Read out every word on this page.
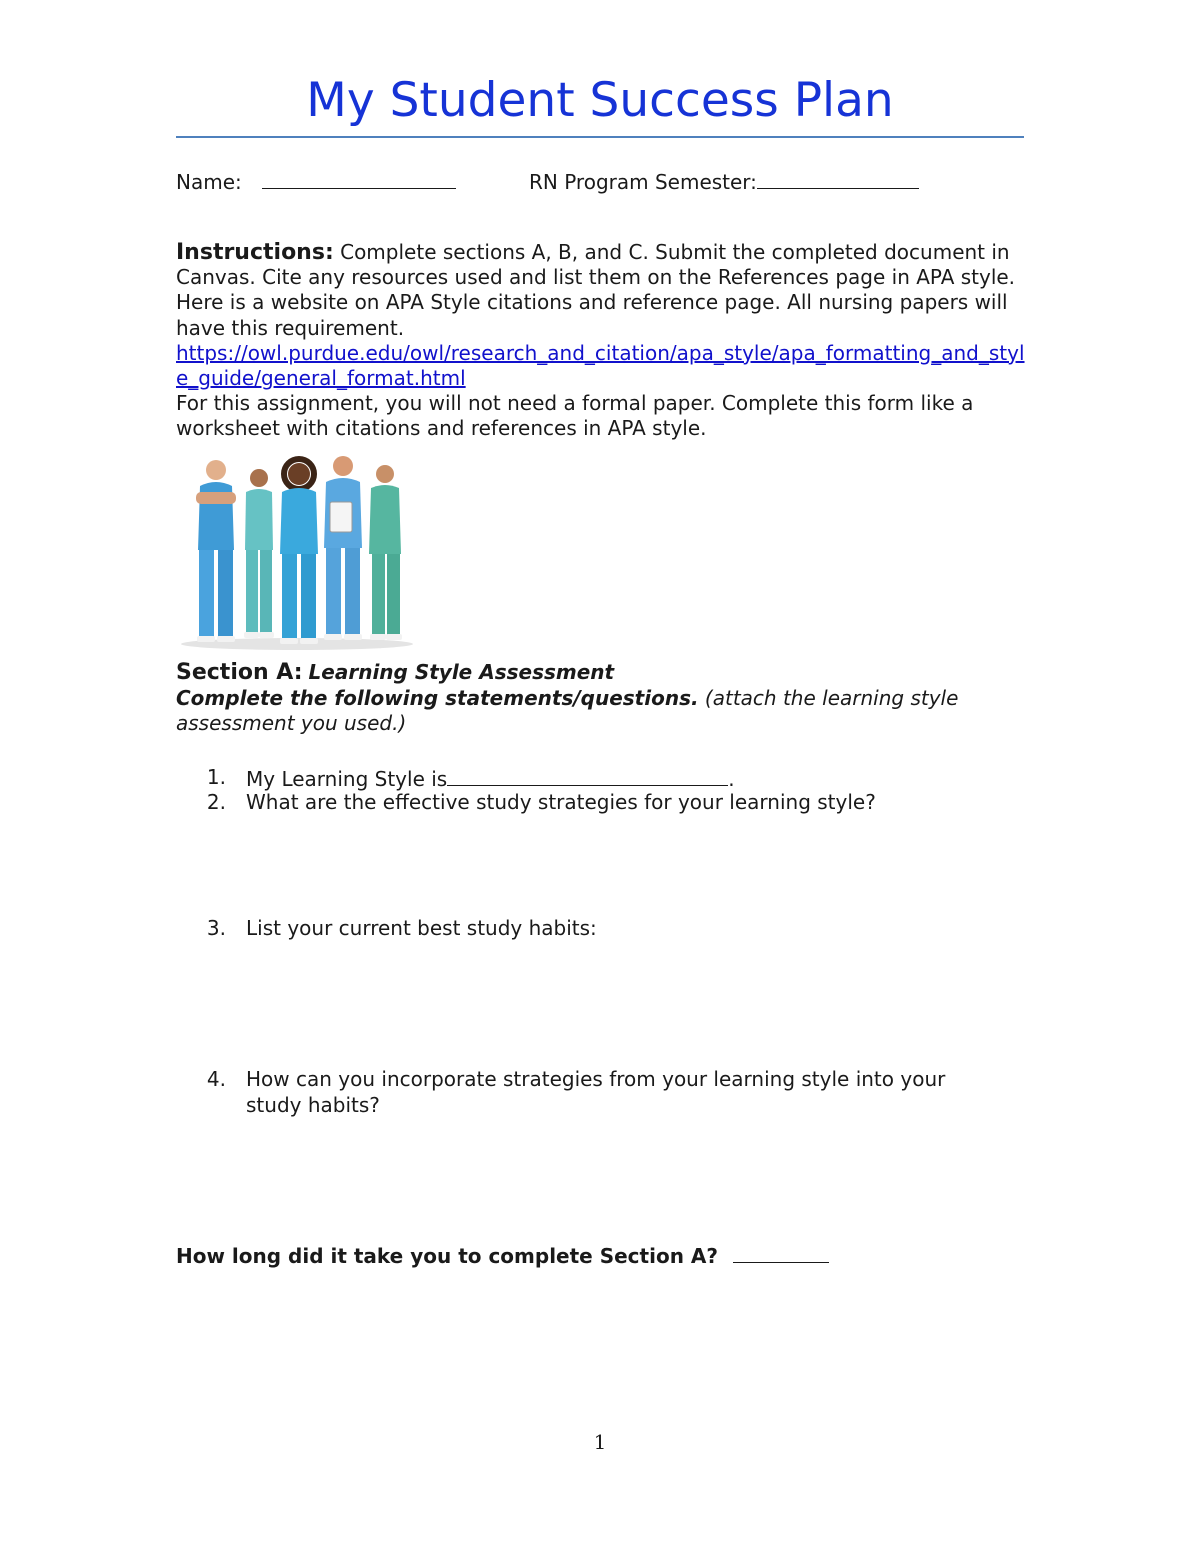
My Student Success Plan
Name:	RN Program Semester:
Instructions: Complete sections A, B, and C. Submit the completed document in Canvas. Cite any resources used and list them on the References page in APA style. Here is a website on APA Style citations and reference page. All nursing papers will have this requirement.
https://owl.purdue.edu/owl/research_and_citation/apa_style/apa_formatting_and_style_guide/general_format.html
For this assignment, you will not need a formal paper. Complete this form like a worksheet with citations and references in APA style.
Section A: Learning Style Assessment
Complete the following statements/questions. (attach the learning style assessment you used.)
1. My Learning Style is	.
2. What are the effective study strategies for your learning style?
3. List your current best study habits:
4. How can you incorporate strategies from your learning style into your
study habits?
How long did it take you to complete Section A?
1
